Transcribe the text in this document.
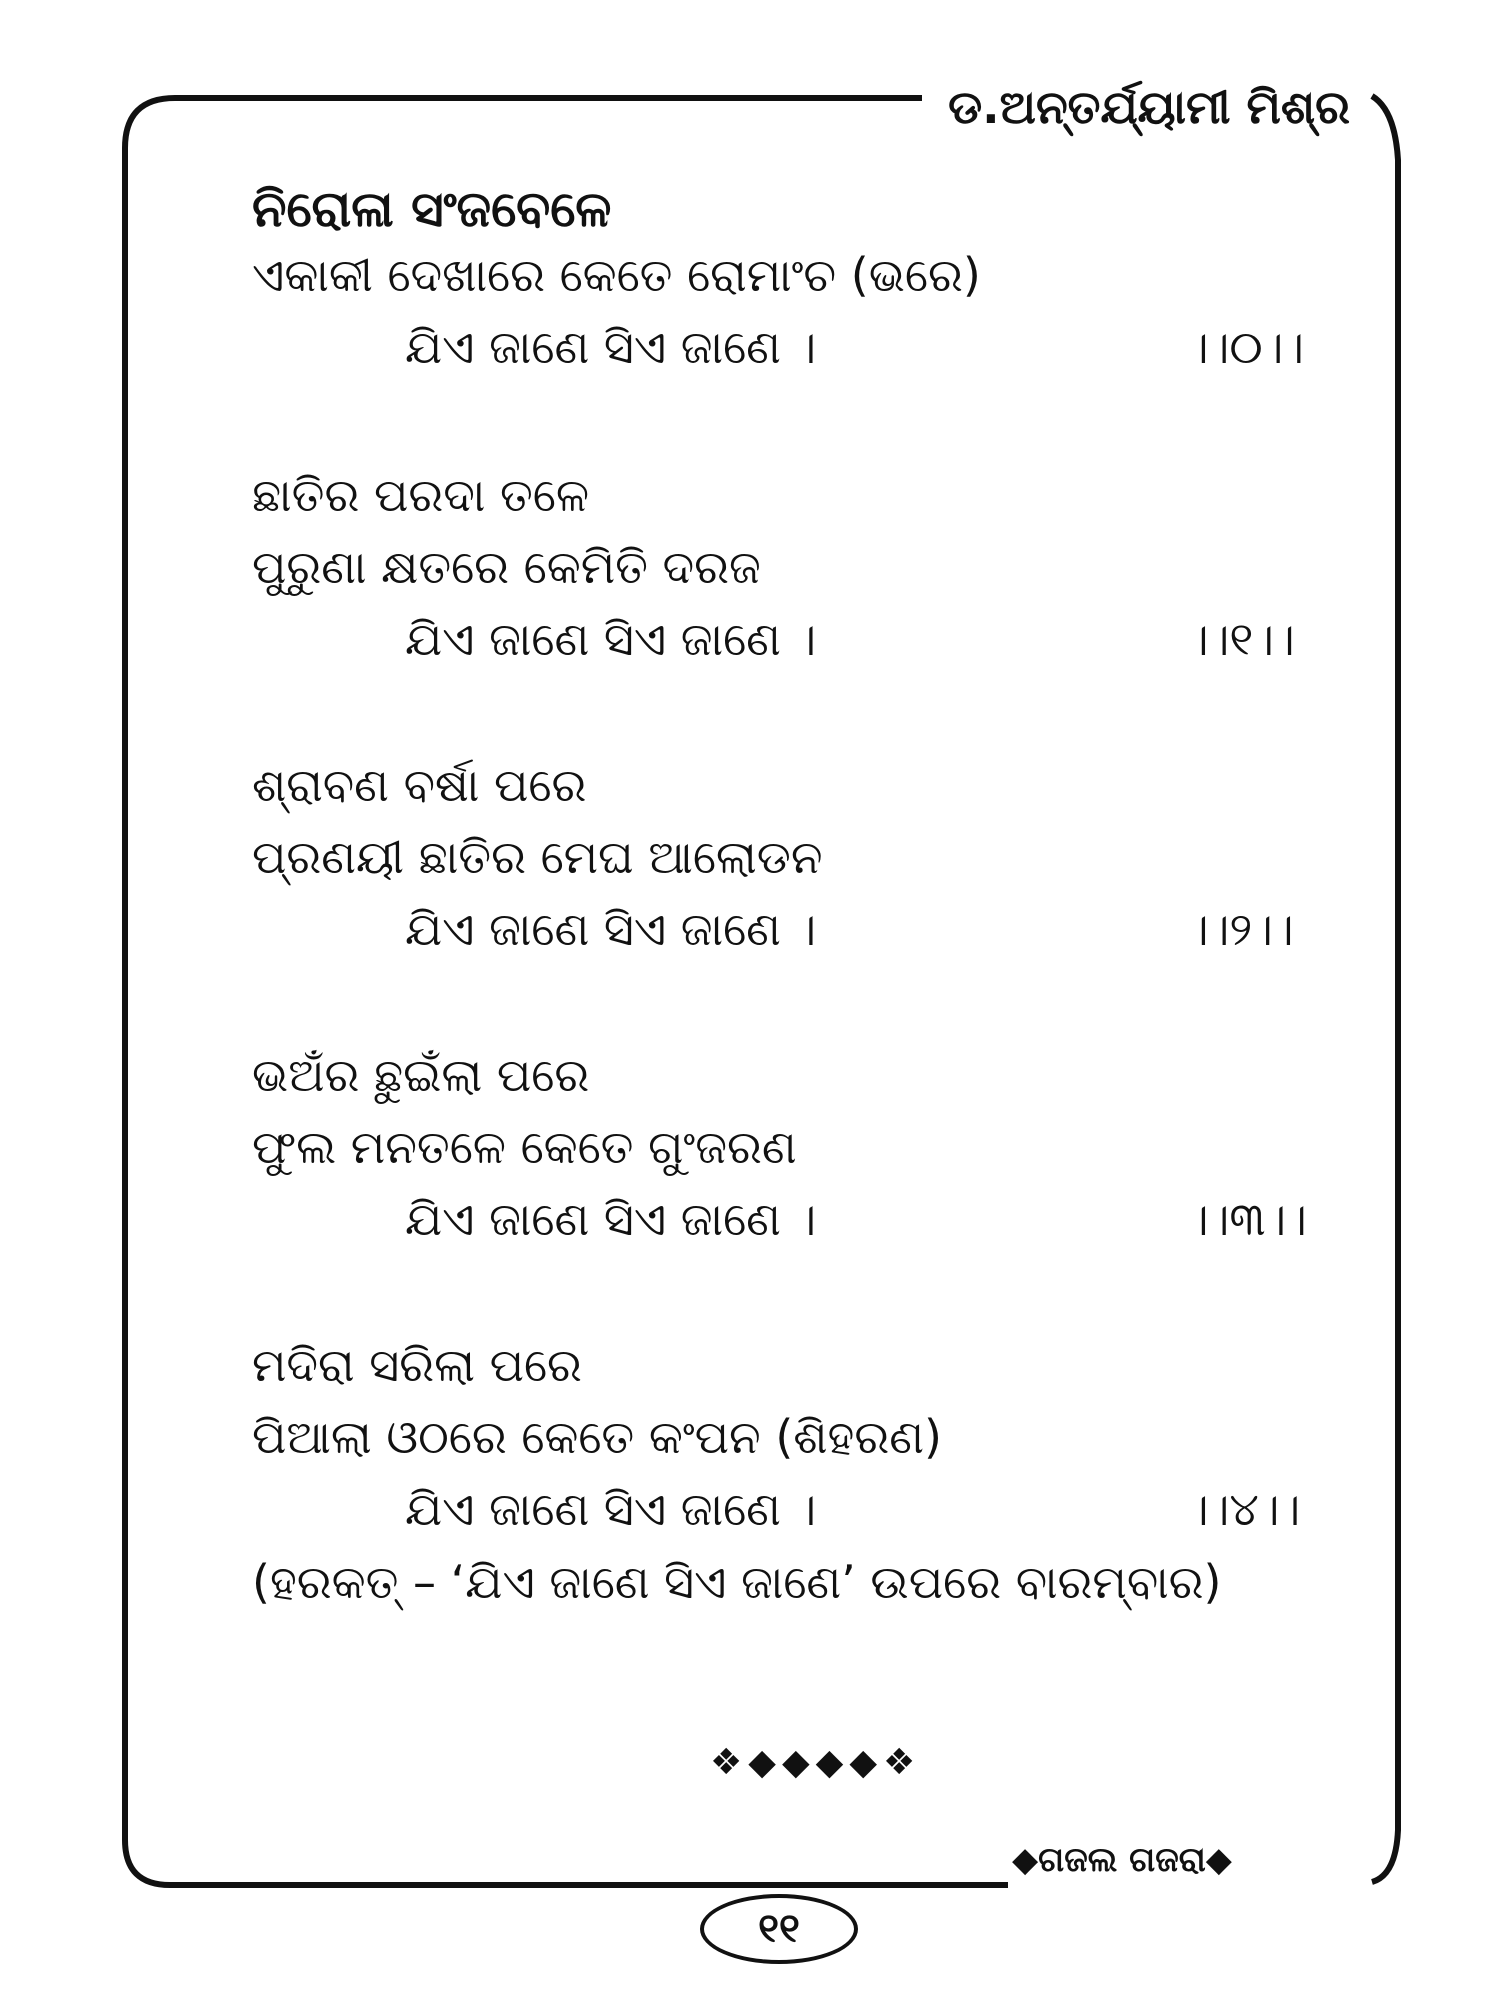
ଡ.ଅନ୍ତର୍ଯ୍ୟାମୀ ମିଶ୍ର
ନିରୋଳା ସଂଜବେଳେ
ଏକାକୀ ଦେଖାରେ କେତେ ରୋମାଂଚ (ଭରେ)
ଯିଏ ଜାଣେ ସିଏ ଜାଣେ ।	।।୦।।
ଛାତିର ପରଦା ତଳେ
ପୁରୁଣା କ୍ଷତରେ କେମିତି ଦରଜ
ଯିଏ ଜାଣେ ସିଏ ଜାଣେ ।	।।୧।।
ଶ୍ରାବଣ ବର୍ଷା ପରେ
ପ୍ରଣୟୀ ଛାତିର ମେଘ ଆଲୋଡନ
ଯିଏ ଜାଣେ ସିଏ ଜାଣେ ।	।।୨।।
ଭଅଁର ଛୁଇଁଲା ପରେ
ଫୁଲ ମନତଳେ କେତେ ଗୁଂଜରଣ
ଯିଏ ଜାଣେ ସିଏ ଜାଣେ ।	।।୩।।
ମଦିରା ସରିଲା ପରେ
ପିଆଲା ଓଠରେ କେତେ କଂପନ (ଶିହରଣ)
ଯିଏ ଜାଣେ ସିଏ ଜାଣେ ।	।।୪।।
(ହରକତ୍ – ‘ଯିଏ ଜାଣେ ସିଏ ଜାଣେ’ ଉପରେ ବାରମ୍ବାର)
❖◆◆◆◆❖
◆ଗଜଲ ଗଜରା◆
୧୧
